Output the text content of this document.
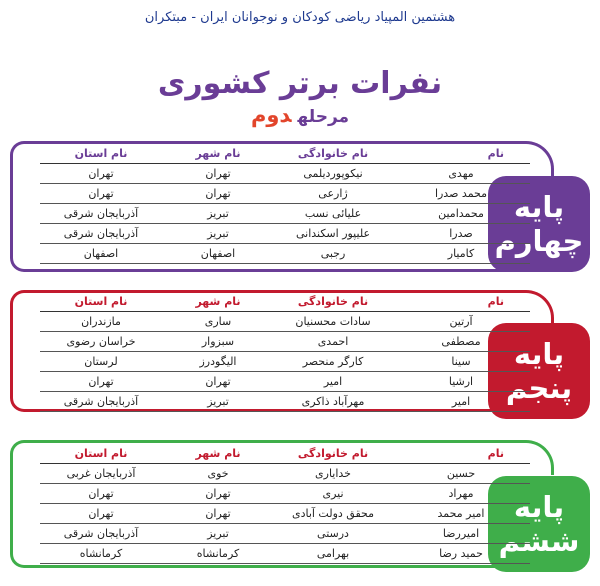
هشتمین المپیاد ریاضی کودکان و نوجوانان ایران - مبتکران
نفرات برتر کشوری
مرحلهدوم
پایه
چهارم
نام	نام خانوادگی	نام شهر	نام استان
مهدی	نیکوپوردیلمی	تهران	تهران
محمد صدرا	ژارعی	تهران	تهران
محمدامین	علیائی نسب	تبریز	آذربایجان شرقی
صدرا	علیپور اسکندانی	تبریز	آذربایجان شرقی
کامیار	رجبی	اصفهان	اصفهان
پایه
پنجم
نام	نام خانوادگی	نام شهر	نام استان
آرتین	سادات محسنیان	ساری	مازندران
مصطفی	احمدی	سبزوار	خراسان رضوی
سینا	کارگر منحصر	الیگودرز	لرستان
ارشیا	امیر	تهران	تهران
امیر	مهرآباد ذاکری	تبریز	آذربایجان شرقی
پایه
ششم
نام	نام خانوادگی	نام شهر	نام استان
حسین	خدایاری	خوی	آذربایجان غربی
مهراد	نیری	تهران	تهران
امیر محمد	محقق دولت آبادی	تهران	تهران
امیررضا	درستی	تبریز	آذربایجان شرقی
حمید رضا	بهرامی	کرمانشاه	کرمانشاه
